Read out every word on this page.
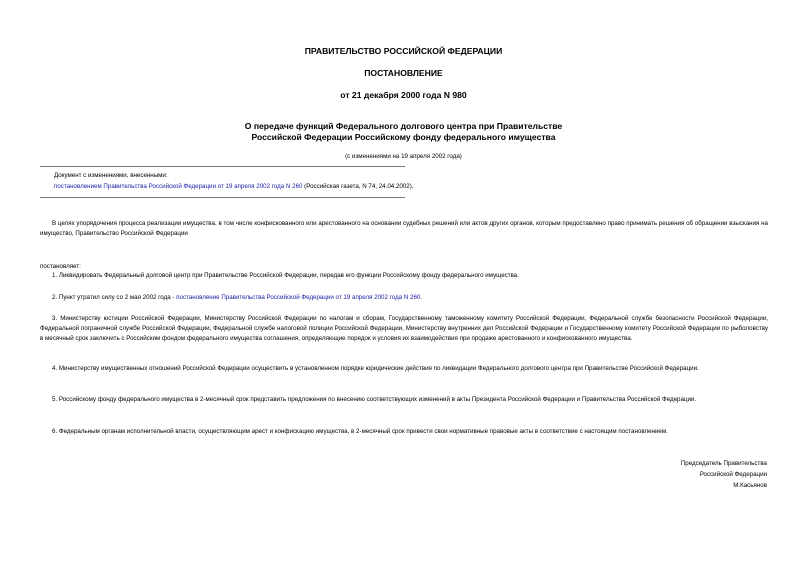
ПРАВИТЕЛЬСТВО РОССИЙСКОЙ ФЕДЕРАЦИИ
ПОСТАНОВЛЕНИЕ
от 21 декабря 2000 года N 980
О передаче функций Федерального долгового центра при Правительстве
Российской Федерации Российскому фонду федерального имущества
(с изменениями на 19 апреля 2002 года)
Документ с изменениями, внесенными:
постановлением Правительства Российской Федерации от 19 апреля 2002 года N 260 (Российская газета, N 74, 24.04.2002).
В целях упорядочения процесса реализации имущества, в том числе конфискованного или арестованного на основании судебных решений или актов других органов, которым предоставлено право принимать решения об обращении взыскания на имущество, Правительство Российской Федерации
постановляет:
1. Ликвидировать Федеральный долговой центр при Правительстве Российской Федерации, передав его функции Российскому фонду федерального имущества.
2. Пункт утратил силу со 2 мая 2002 года - постановление Правительства Российской Федерации от 19 апреля 2002 года N 260.
3. Министерству юстиции Российской Федерации, Министерству Российской Федерации по налогам и сборам, Государственному таможенному комитету Российской Федерации, Федеральной службе безопасности Российской Федерации, Федеральной пограничной службе Российской Федерации, Федеральной службе налоговой полиции Российской Федерации, Министерству внутренних дел Российской Федерации и Государственному комитету Российской Федерации по рыболовству в месячный срок заключить с Российским фондом федерального имущества соглашения, определяющие порядок и условия их взаимодействия при продаже арестованного и конфискованного имущества.
4. Министерству имущественных отношений Российской Федерации осуществить в установленном порядке юридические действия по ликвидации Федерального долгового центра при Правительстве Российской Федерации.
5. Российскому фонду федерального имущества в 2-месячный срок представить предложения по внесению соответствующих изменений в акты Президента Российской Федерации и Правительства Российской Федерации.
6. Федеральным органам исполнительной власти, осуществляющим арест и конфискацию имущества, в 2-месячный срок привести свои нормативные правовые акты в соответствие с настоящим постановлением.
Председатель Правительства
Российской Федерации
М.Касьянов
